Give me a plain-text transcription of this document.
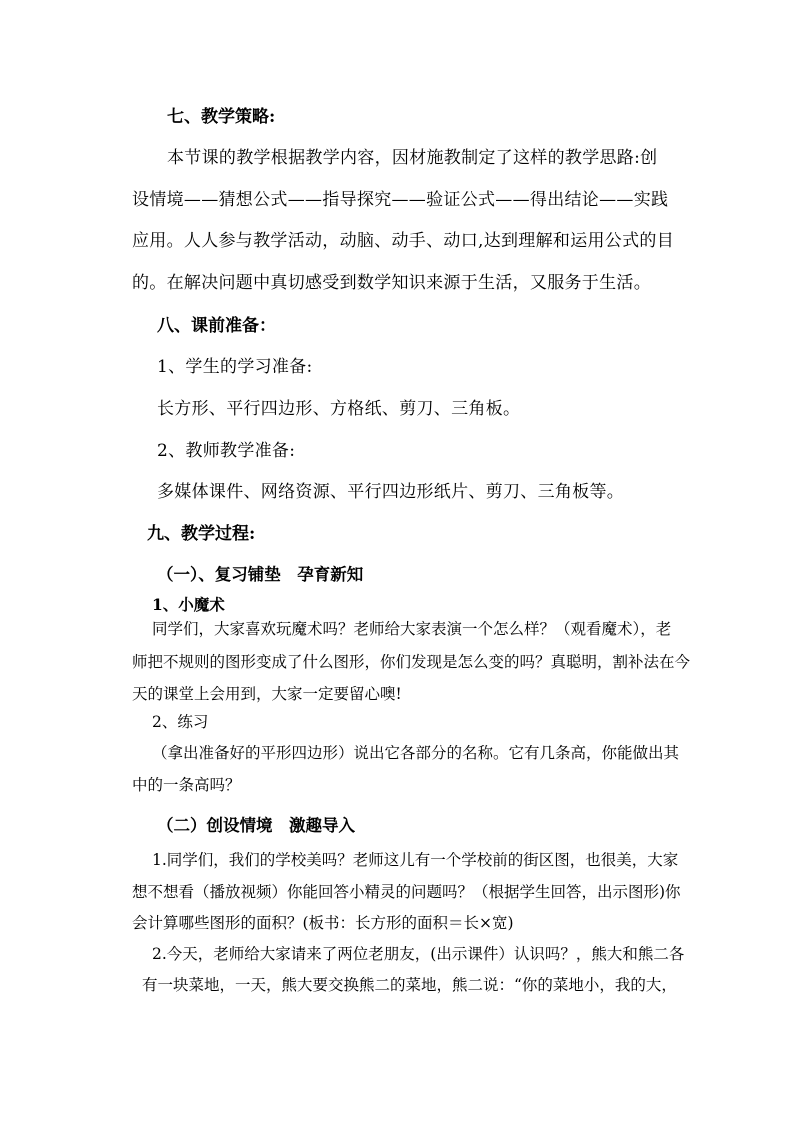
七、教学策略:
本节课的教学根据教学内容，因材施教制定了这样的教学思路:创
设情境——猜想公式——指导探究——验证公式——得出结论——实践
应用。人人参与教学活动，动脑、动手、动口,达到理解和运用公式的目
的。在解决问题中真切感受到数学知识来源于生活，又服务于生活。
八、课前准备：
1、学生的学习准备:
长方形、平行四边形、方格纸、剪刀、三角板。
2、教师教学准备:
多媒体课件、网络资源、平行四边形纸片、剪刀、三角板等。
九、教学过程:
（一）、复习铺垫　孕育新知
1、小魔术
同学们，大家喜欢玩魔术吗？老师给大家表演一个怎么样？（观看魔术），老
师把不规则的图形变成了什么图形，你们发现是怎么变的吗？真聪明，割补法在今
天的课堂上会用到，大家一定要留心噢!
2、练习
（拿出准备好的平形四边形）说出它各部分的名称。它有几条高，你能做出其
中的一条高吗？
（二）创设情境　激趣导入
1.同学们，我们的学校美吗？老师这儿有一个学校前的街区图，也很美，大家
想不想看（播放视频）你能回答小精灵的问题吗？（根据学生回答，出示图形)你
会计算哪些图形的面积？(板书：长方形的面积＝长×宽)
2.今天，老师给大家请来了两位老朋友，(出示课件）认识吗？，熊大和熊二各
有一块菜地，一天，熊大要交换熊二的菜地，熊二说：“你的菜地小，我的大，
